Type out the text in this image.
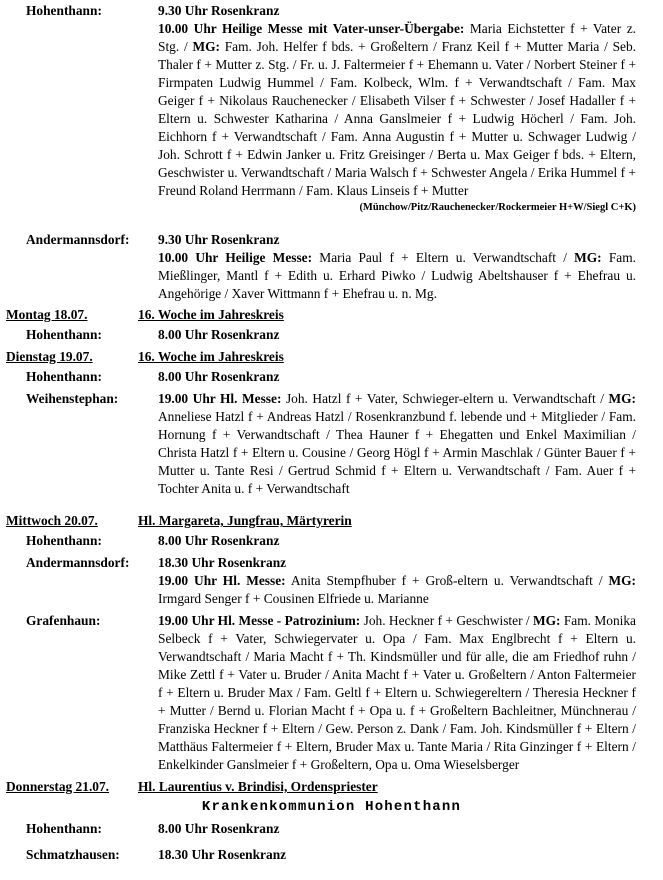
Hohenthann:	9.30 Uhr Rosenkranz
10.00 Uhr Heilige Messe mit Vater-unser-Übergabe: Maria Eichstetter f + Vater z. Stg. / MG: Fam. Joh. Helfer f bds. + Großeltern / Franz Keil f + Mutter Maria / Seb. Thaler f + Mutter z. Stg. / Fr. u. J. Faltermeier f + Ehemann u. Vater / Norbert Steiner f + Firmpaten Ludwig Hummel / Fam. Kolbeck, Wlm. f + Verwandtschaft / Fam. Max Geiger f + Nikolaus Rauchenecker / Elisabeth Vilser f + Schwester / Josef Hadaller f + Eltern u. Schwester Katharina / Anna Ganslmeier f + Ludwig Höcherl / Fam. Joh. Eichhorn f + Verwandtschaft / Fam. Anna Augustin f + Mutter u. Schwager Ludwig / Joh. Schrott f + Edwin Janker u. Fritz Greisinger / Berta u. Max Geiger f bds. + Eltern, Geschwister u. Verwandtschaft / Maria Walsch f + Schwester Angela / Erika Hummel f + Freund Roland Herrmann / Fam. Klaus Linseis f + Mutter
(Münchow/Pitz/Rauchenecker/Rockermeier H+W/Siegl C+K)
Andermannsdorf:	9.30 Uhr Rosenkranz
10.00 Uhr Heilige Messe: Maria Paul f + Eltern u. Verwandtschaft / MG: Fam. Mießlinger, Mantl f + Edith u. Erhard Piwko / Ludwig Abeltshauser f + Ehefrau u. Angehörige / Xaver Wittmann f + Ehefrau u. n. Mg.
Montag 18.07.	16. Woche im Jahreskreis
Hohenthann:	8.00 Uhr Rosenkranz
Dienstag 19.07.	16. Woche im Jahreskreis
Hohenthann:	8.00 Uhr Rosenkranz
Weihenstephan:	19.00 Uhr Hl. Messe: Joh. Hatzl f + Vater, Schwieger-eltern u. Verwandtschaft / MG: Anneliese Hatzl f + Andreas Hatzl / Rosenkranzbund f. lebende und + Mitglieder / Fam. Hornung f + Verwandtschaft / Thea Hauner f + Ehegatten und Enkel Maximilian / Christa Hatzl f + Eltern u. Cousine / Georg Högl f + Armin Maschlak / Günter Bauer f + Mutter u. Tante Resi / Gertrud Schmid f + Eltern u. Verwandtschaft / Fam. Auer f + Tochter Anita u. f + Verwandtschaft
Mittwoch 20.07.	Hl. Margareta, Jungfrau, Märtyrerin
Hohenthann:	8.00 Uhr Rosenkranz
Andermannsdorf:	18.30 Uhr Rosenkranz
19.00 Uhr Hl. Messe: Anita Stempfhuber f + Groß-eltern u. Verwandtschaft / MG: Irmgard Senger f + Cousinen Elfriede u. Marianne
Grafenhaun:	19.00 Uhr Hl. Messe - Patrozinium: Joh. Heckner f + Geschwister / MG: Fam. Monika Selbeck f + Vater, Schwiegervater u. Opa / Fam. Max Englbrecht f + Eltern u. Verwandtschaft / Maria Macht f + Th. Kindsmüller und für alle, die am Friedhof ruhn / Mike Zettl f + Vater u. Bruder / Anita Macht f + Vater u. Großeltern / Anton Faltermeier f + Eltern u. Bruder Max / Fam. Geltl f + Eltern u. Schwiegereltern / Theresia Heckner f + Mutter / Bernd u. Florian Macht f + Opa u. f + Großeltern Bachleitner, Münchnerau / Franziska Heckner f + Eltern / Gew. Person z. Dank / Fam. Joh. Kindsmüller f + Eltern / Matthäus Faltermeier f + Eltern, Bruder Max u. Tante Maria / Rita Ginzinger f + Eltern / Enkelkinder Ganslmeier f + Großeltern, Opa u. Oma Wieselsberger
Donnerstag 21.07.	Hl. Laurentius v. Brindisi, Ordenspriester
Krankenkommunion Hohenthann
Hohenthann:	8.00 Uhr Rosenkranz
Schmatzhausen:	18.30 Uhr Rosenkranz
